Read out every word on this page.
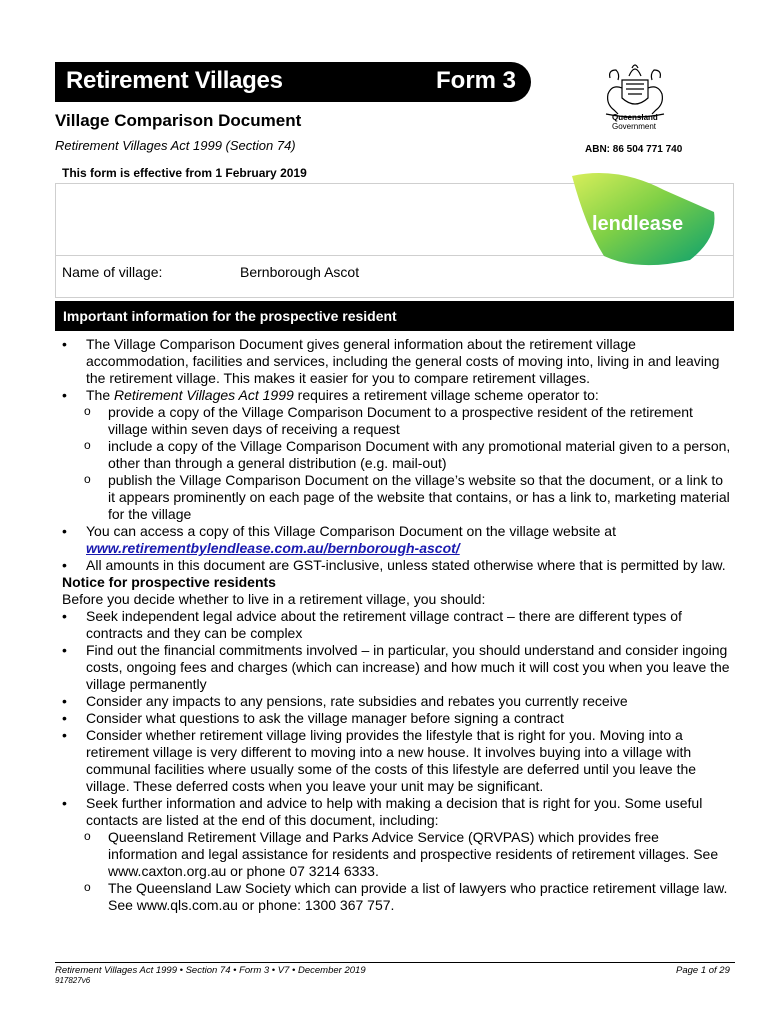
Retirement Villages	Form 3
Village Comparison Document
Retirement Villages Act 1999 (Section 74)
Queensland
Government
ABN: 86 504 771 740
This form is effective from 1 February 2019
lendlease
Name of village:	Bernborough Ascot
Important information for the prospective resident
• The Village Comparison Document gives general information about the retirement village accommodation, facilities and services, including the general costs of moving into, living in and leaving the retirement village. This makes it easier for you to compare retirement villages.
• The Retirement Villages Act 1999 requires a retirement village scheme operator to:
o provide a copy of the Village Comparison Document to a prospective resident of the retirement village within seven days of receiving a request
o include a copy of the Village Comparison Document with any promotional material given to a person, other than through a general distribution (e.g. mail-out)
o publish the Village Comparison Document on the village’s website so that the document, or a link to it appears prominently on each page of the website that contains, or has a link to, marketing material for the village
• You can access a copy of this Village Comparison Document on the village website at
www.retirementbylendlease.com.au/bernborough-ascot/
• All amounts in this document are GST-inclusive, unless stated otherwise where that is permitted by law.
Notice for prospective residents
Before you decide whether to live in a retirement village, you should:
• Seek independent legal advice about the retirement village contract – there are different types of contracts and they can be complex
• Find out the financial commitments involved – in particular, you should understand and consider ingoing costs, ongoing fees and charges (which can increase) and how much it will cost you when you leave the village permanently
• Consider any impacts to any pensions, rate subsidies and rebates you currently receive
• Consider what questions to ask the village manager before signing a contract
• Consider whether retirement village living provides the lifestyle that is right for you. Moving into a retirement village is very different to moving into a new house. It involves buying into a village with communal facilities where usually some of the costs of this lifestyle are deferred until you leave the village. These deferred costs when you leave your unit may be significant.
• Seek further information and advice to help with making a decision that is right for you. Some useful contacts are listed at the end of this document, including:
o Queensland Retirement Village and Parks Advice Service (QRVPAS) which provides free information and legal assistance for residents and prospective residents of retirement villages. See www.caxton.org.au or phone 07 3214 6333.
o The Queensland Law Society which can provide a list of lawyers who practice retirement village law. See www.qls.com.au or phone: 1300 367 757.
Retirement Villages Act 1999 • Section 74 • Form 3 • V7 • December 2019
917827v6
Page 1 of 29
